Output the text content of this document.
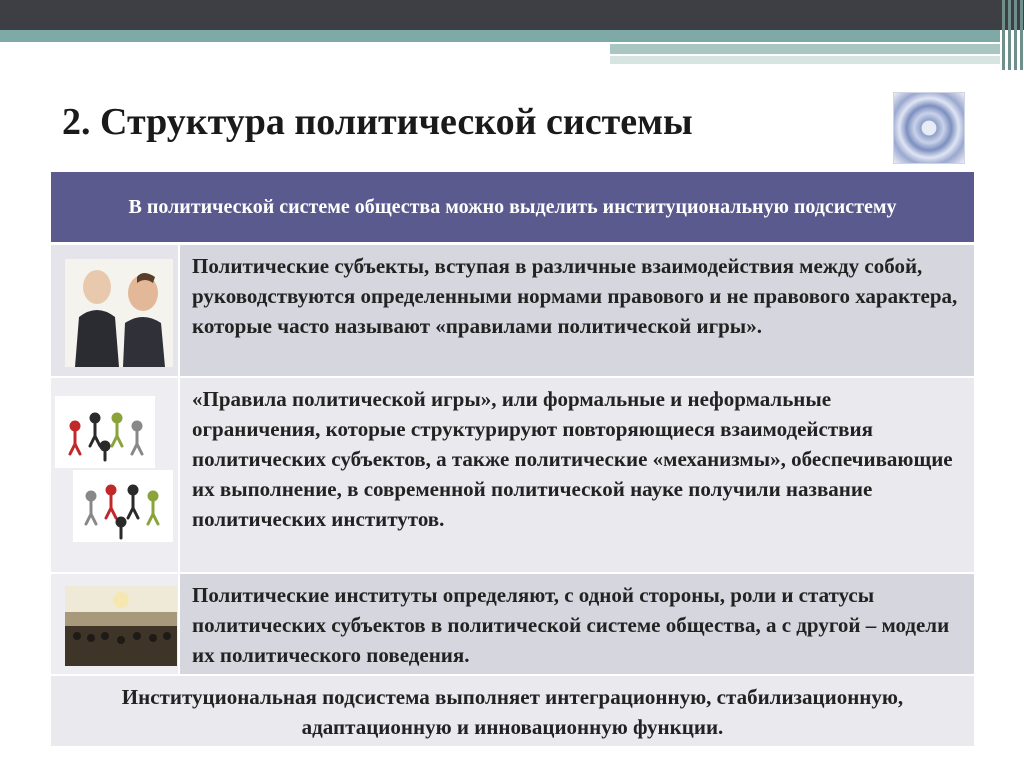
2. Структура политической системы
В политической системе общества можно выделить институциональную подсистему
Политические субъекты, вступая в различные взаимодействия между собой, руководствуются определенными нормами правового и не правового характера, которые часто называют «правилами политической игры».
«Правила политической игры», или формальные и неформальные ограничения, которые структурируют повторяющиеся взаимодействия политических субъектов, а также политические «механизмы», обеспечивающие их выполнение, в современной политической науке получили название политических институтов.
Политические институты определяют, с одной стороны, роли и статусы политических субъектов в политической системе общества, а с другой – модели их политического поведения.
Институциональная подсистема выполняет интеграционную, стабилизационную, адаптационную и инновационную функции.
